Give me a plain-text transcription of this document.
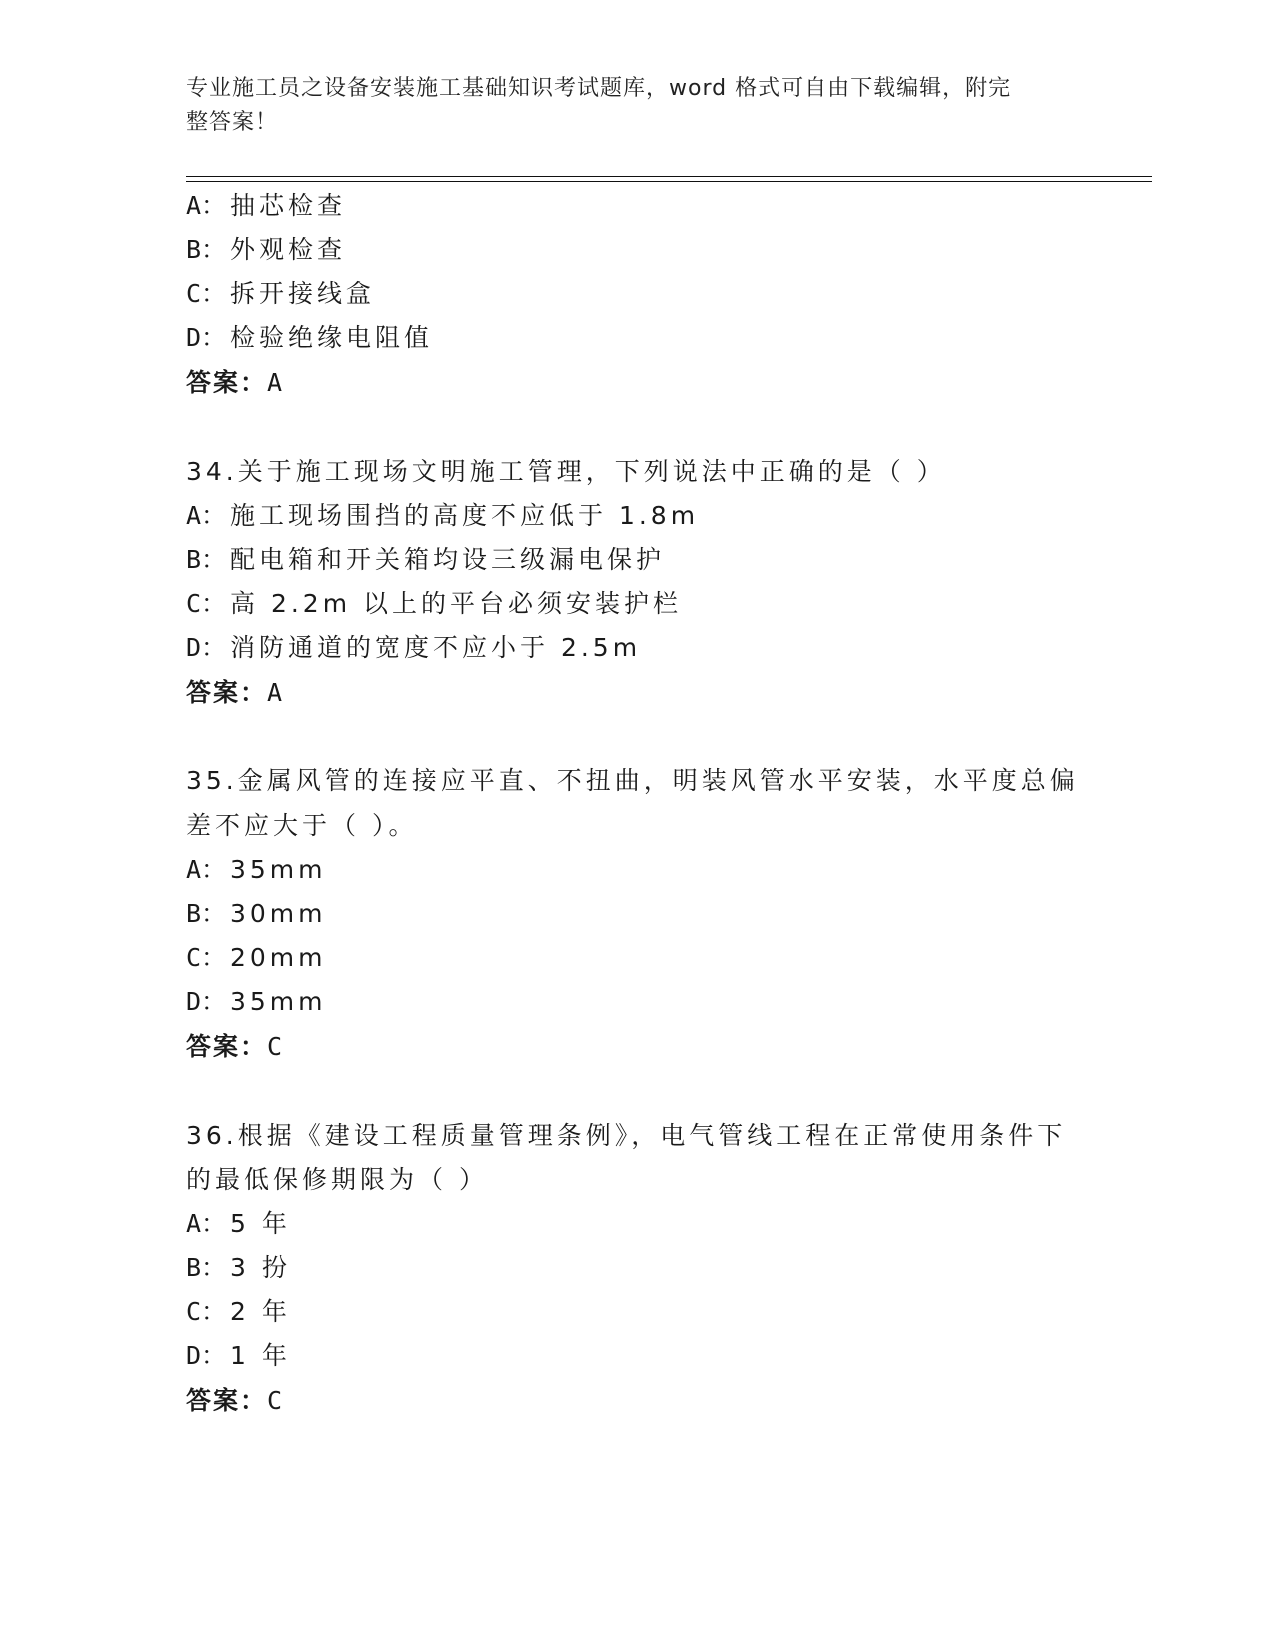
专业施工员之设备安装施工基础知识考试题库，word 格式可自由下载编辑，附完
整答案！
A： 抽芯检查
B： 外观检查
C： 拆开接线盒
D： 检验绝缘电阻值
答案：A
34.关于施工现场文明施工管理，下列说法中正确的是（ ）
A： 施工现场围挡的高度不应低于 1.8m
B： 配电箱和开关箱均设三级漏电保护
C： 高 2.2m 以上的平台必须安装护栏
D： 消防通道的宽度不应小于 2.5m
答案：A
35.金属风管的连接应平直、不扭曲，明装风管水平安装，水平度总偏
差不应大于（ ）。
A： 35mm
B： 30mm
C： 20mm
D： 35mm
答案：C
36.根据《建设工程质量管理条例》，电气管线工程在正常使用条件下
的最低保修期限为（ ）
A： 5 年
B： 3 扮
C： 2 年
D： 1 年
答案：C
